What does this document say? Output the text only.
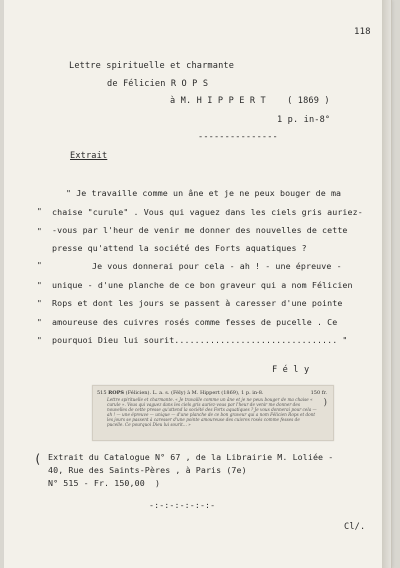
118
Lettre spirituelle et charmante
de Félicien R O P S
à M. H I P P E R T    ( 1869 )
1 p. in-8°
---------------
Extrait
"
"
"
"
"
"
"
" Je travaille comme un âne et je ne peux bouger de ma
chaise "curule" . Vous qui vaguez dans les ciels gris auriez-
-vous par l'heur de venir me donner des nouvelles de cette
presse qu'attend la société des Forts aquatiques ?
Je vous donnerai pour cela - ah ! - une épreuve -
unique - d'une planche de ce bon graveur qui a nom Félicien
Rops et dont les jours se passent à caresser d'une pointe
amoureuse des cuivres rosés comme fesses de pucelle . Ce
pourquoi Dieu lui sourit................................ "
F é l y
515 ROPS (Félicien). L. a. s. (Fély) à M. Hippert (1869), 1 p. in-8.	150 fr.
Lettre spirituelle et charmante. « Je travaille comme un âne et je ne peux bouger de ma chaise « curule ». Vous qui vaguez dans les ciels gris auriez-vous par l'heur de venir me donner des nouvelles de cette presse qu'attend la société des Forts aquatiques ? Je vous donnerai pour cela — ah ! — une épreuve — unique — d'une planche de ce bon graveur qui a nom Félicien Rops et dont les jours se passent à caresser d'une pointe amoureuse des cuivres rosés comme fesses de pucelle. Ce pourquoi Dieu lui sourit... »
)
( Extrait du Catalogue N° 67 , de la Librairie M. Loliée -
40, Rue des Saints-Pères , à Paris (7e)
N° 515 - Fr. 150,00  )
-:-:-:-:-:-:-
Cl/.
